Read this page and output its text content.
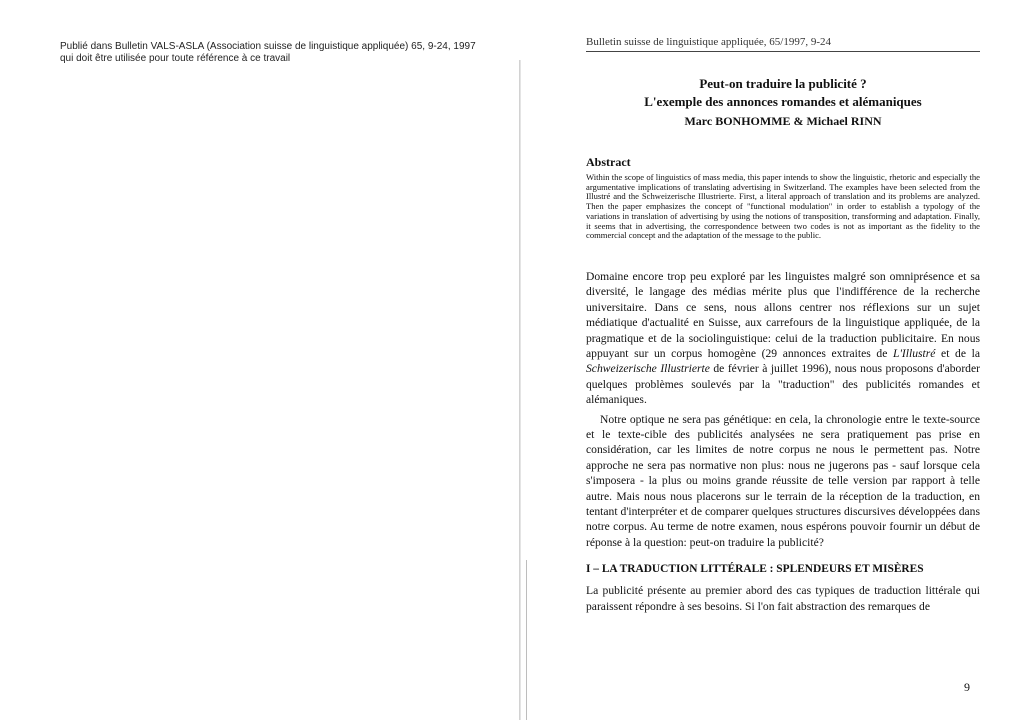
Publié dans Bulletin VALS-ASLA (Association suisse de linguistique appliquée) 65, 9-24, 1997
qui doit être utilisée pour toute référence à ce travail
Bulletin suisse de linguistique appliquée, 65/1997, 9-24
Peut-on traduire la publicité ?
L'exemple des annonces romandes et alémaniques
Marc BONHOMME & Michael RINN
Abstract
Within the scope of linguistics of mass media, this paper intends to show the linguistic, rhetoric and especially the argumentative implications of translating advertising in Switzerland. The examples have been selected from the Illustré and the Schweizerische Illustrierte. First, a literal approach of translation and its problems are analyzed. Then the paper emphasizes the concept of "functional modulation" in order to establish a typology of the variations in translation of advertising by using the notions of transposition, transforming and adaptation. Finally, it seems that in advertising, the correspondence between two codes is not as important as the fidelity to the commercial concept and the adaptation of the message to the public.

Domaine encore trop peu exploré par les linguistes malgré son omniprésence et sa diversité, le langage des médias mérite plus que l'indifférence de la recherche universitaire. Dans ce sens, nous allons centrer nos réflexions sur un sujet médiatique d'actualité en Suisse, aux carrefours de la linguistique appliquée, de la pragmatique et de la sociolinguistique: celui de la traduction publicitaire. En nous appuyant sur un corpus homogène (29 annonces extraites de L'Illustré et de la Schweizerische Illustrierte de février à juillet 1996), nous nous proposons d'aborder quelques problèmes soulevés par la "traduction" des publicités romandes et alémaniques.

Notre optique ne sera pas génétique: en cela, la chronologie entre le texte-source et le texte-cible des publicités analysées ne sera pratiquement pas prise en considération, car les limites de notre corpus ne nous le permettent pas. Notre approche ne sera pas normative non plus: nous ne jugerons pas - sauf lorsque cela s'imposera - la plus ou moins grande réussite de telle version par rapport à telle autre. Mais nous nous placerons sur le terrain de la réception de la traduction, en tentant d'interpréter et de comparer quelques structures discursives développées dans notre corpus. Au terme de notre examen, nous espérons pouvoir fournir un début de réponse à la question: peut-on traduire la publicité?

I – LA TRADUCTION LITTÉRALE : SPLENDEURS ET MISÈRES

La publicité présente au premier abord des cas typiques de traduction littérale qui paraissent répondre à ses besoins. Si l'on fait abstraction des remarques de

9
